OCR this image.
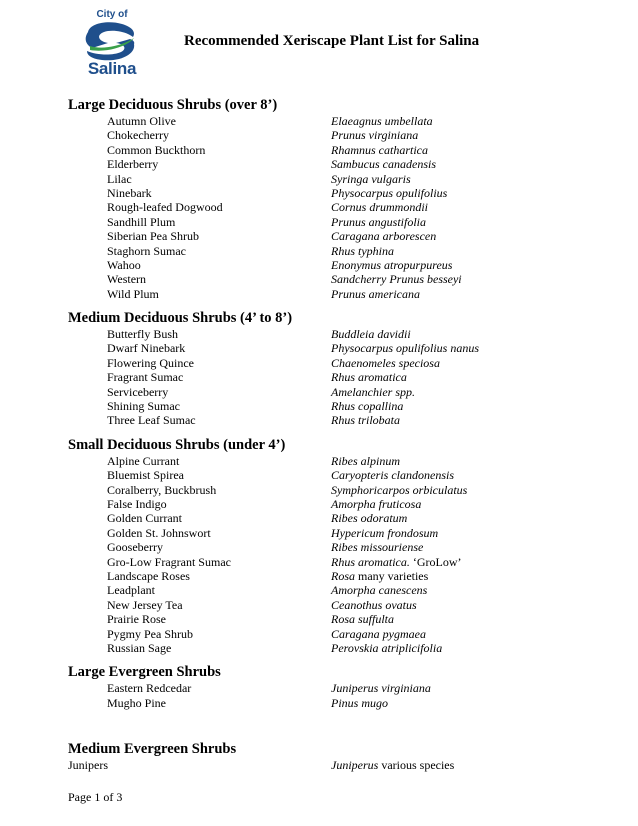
City of
Salina
Recommended Xeriscape Plant List for Salina
Large Deciduous Shrubs (over 8’)
Autumn Olive	Elaeagnus umbellata
Chokecherry	Prunus virginiana
Common Buckthorn	Rhamnus cathartica
Elderberry	Sambucus canadensis
Lilac	Syringa vulgaris
Ninebark	Physocarpus opulifolius
Rough-leafed Dogwood	Cornus drummondii
Sandhill Plum	Prunus angustifolia
Siberian Pea Shrub	Caragana arborescen
Staghorn Sumac	Rhus typhina
Wahoo	Enonymus atropurpureus
Western	Sandcherry Prunus besseyi
Wild Plum	Prunus americana
Medium Deciduous Shrubs (4’ to 8’)
Butterfly Bush	Buddleia davidii
Dwarf Ninebark	Physocarpus opulifolius nanus
Flowering Quince	Chaenomeles speciosa
Fragrant Sumac	Rhus aromatica
Serviceberry	Amelanchier spp.
Shining Sumac	Rhus copallina
Three Leaf Sumac	Rhus trilobata
Small Deciduous Shrubs (under 4’)
Alpine Currant	Ribes alpinum
Bluemist Spirea	Caryopteris clandonensis
Coralberry, Buckbrush	Symphoricarpos orbiculatus
False Indigo	Amorpha fruticosa
Golden Currant	Ribes odoratum
Golden St. Johnswort	Hypericum frondosum
Gooseberry	Ribes missouriense
Gro-Low Fragrant Sumac	Rhus aromatica. ‘GroLow’
Landscape Roses	Rosa many varieties
Leadplant	Amorpha canescens
New Jersey Tea	Ceanothus ovatus
Prairie Rose	Rosa suffulta
Pygmy Pea Shrub	Caragana pygmaea
Russian Sage	Perovskia atriplicifolia
Large Evergreen Shrubs
Eastern Redcedar	Juniperus virginiana
Mugho Pine	Pinus mugo
Medium Evergreen Shrubs
Junipers	Juniperus various species
Page 1 of 3
